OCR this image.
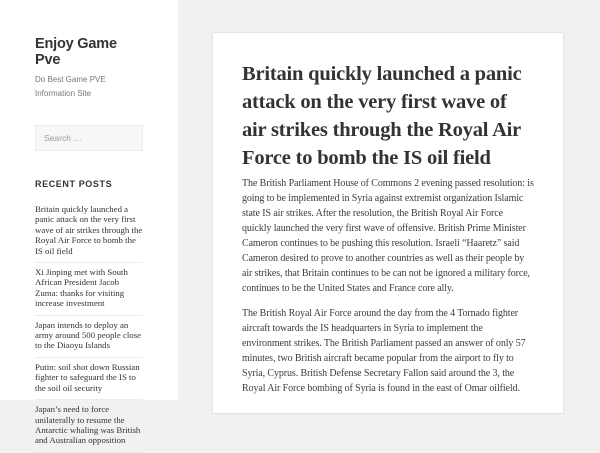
Enjoy Game Pve
Do Best Game PVE Information Site
Search …
RECENT POSTS
Britain quickly launched a panic attack on the very first wave of air strikes through the Royal Air Force to bomb the IS oil field
Xi Jinping met with South African President Jacob Zuma: thanks for visiting increase investment
Japan intends to deploy an army around 500 people close to the Diaoyu Islands
Putin: soil shot down Russian fighter to safeguard the IS to the soil oil security
Japan’s need to force unilaterally to resume the Antarctic whaling was British and Australian opposition
Britain quickly launched a panic
attack on the very first wave of
air strikes through the Royal Air
Force to bomb the IS oil field

The British Parliament House of Commons 2 evening passed resolution: is going to be implemented in Syria against extremist organization Islamic state IS air strikes. After the resolution, the British Royal Air Force quickly launched the very first wave of offensive. British Prime Minister Cameron continues to be pushing this resolution. Israeli “Haaretz” said Cameron desired to prove to another countries as well as their people by air strikes, that Britain continues to be can not be ignored a military force, continues to be the United States and France core ally.

The British Royal Air Force around the day from the 4 Tornado fighter aircraft towards the IS headquarters in Syria to implement the environment strikes. The British Parliament passed an answer of only 57 minutes, two British aircraft became popular from the airport to fly to Syria, Cyprus. British Defense Secretary Fallon said around the 3, the Royal Air Force bombing of Syria is found in the east of Omar oilfield.
